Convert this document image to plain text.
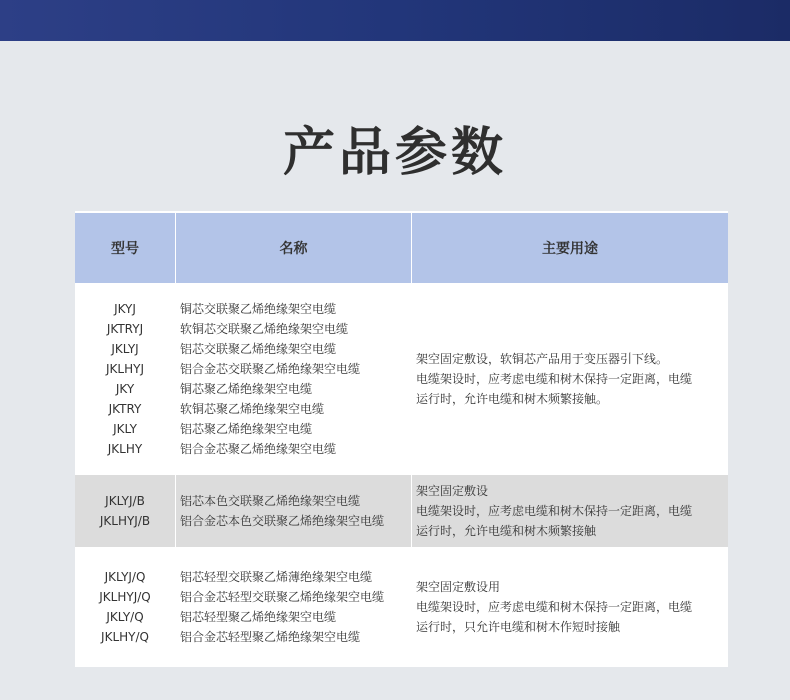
产品参数
型号	名称	主要用途
JKYJ
JKTRYJ
JKLYJ
JKLHYJ
JKY
JKTRY
JKLY
JKLHY
铜芯交联聚乙烯绝缘架空电缆
软铜芯交联聚乙烯绝缘架空电缆
铝芯交联聚乙烯绝缘架空电缆
铝合金芯交联聚乙烯绝缘架空电缆
铜芯聚乙烯绝缘架空电缆
软铜芯聚乙烯绝缘架空电缆
铝芯聚乙烯绝缘架空电缆
铝合金芯聚乙烯绝缘架空电缆
架空固定敷设，软铜芯产品用于变压器引下线。
电缆架设时，应考虑电缆和树木保持一定距离，电缆
运行时，允许电缆和树木频繁接触。
JKLYJ/B
JKLHYJ/B
铝芯本色交联聚乙烯绝缘架空电缆
铝合金芯本色交联聚乙烯绝缘架空电缆
架空固定敷设
电缆架设时，应考虑电缆和树木保持一定距离，电缆
运行时，允许电缆和树木频繁接触
JKLYJ/Q
JKLHYJ/Q
JKLY/Q
JKLHY/Q
铝芯轻型交联聚乙烯薄绝缘架空电缆
铝合金芯轻型交联聚乙烯绝缘架空电缆
铝芯轻型聚乙烯绝缘架空电缆
铝合金芯轻型聚乙烯绝缘架空电缆
架空固定敷设用
电缆架设时，应考虑电缆和树木保持一定距离，电缆
运行时，只允许电缆和树木作短时接触
